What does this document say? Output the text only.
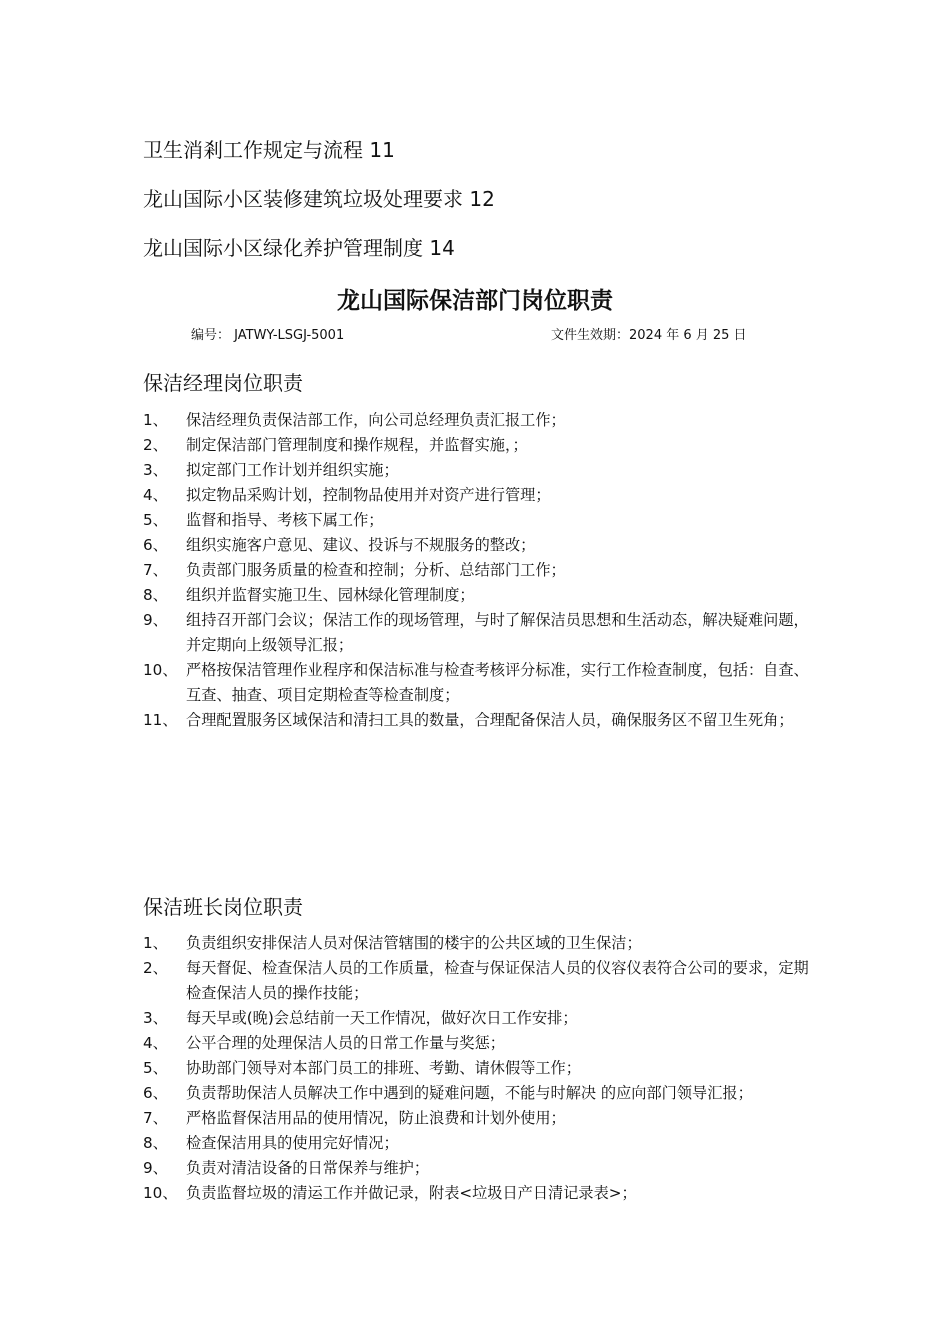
卫生消剎工作规定与流程 11
龙山国际小区装修建筑垃圾处理要求 12
龙山国际小区绿化养护管理制度 14
龙山国际保洁部门岗位职责
编号： JATWY-LSGJ-5001	文件生效期：2024 年 6 月 25 日
保洁经理岗位职责
1、 保洁经理负责保洁部工作，向公司总经理负责汇报工作；
2、 制定保洁部门管理制度和操作规程，并监督实施，；
3、 拟定部门工作计划并组织实施；
4、 拟定物品采购计划，控制物品使用并对资产进行管理；
5、 监督和指导、考核下属工作；
6、 组织实施客户意见、建议、投诉与不规服务的整改；
7、 负责部门服务质量的检查和控制；分析、总结部门工作；
8、 组织并监督实施卫生、园林绿化管理制度；
9、 组持召开部门会议；保洁工作的现场管理，与时了解保洁员思想和生活动态，解决疑难问题，并定期向上级领导汇报；
10、 严格按保洁管理作业程序和保洁标准与检查考核评分标准，实行工作检查制度，包括：自查、互查、抽查、项目定期检查等检查制度；
11、 合理配置服务区域保洁和清扫工具的数量，合理配备保洁人员，确保服务区不留卫生死角；
保洁班长岗位职责
1、 负责组织安排保洁人员对保洁管辖围的楼宇的公共区域的卫生保洁；
2、 每天督促、检查保洁人员的工作质量，检查与保证保洁人员的仪容仪表符合公司的要求，定期检查保洁人员的操作技能；
3、 每天早或(晚)会总结前一天工作情况，做好次日工作安排；
4、 公平合理的处理保洁人员的日常工作量与奖惩；
5、 协助部门领导对本部门员工的排班、考勤、请休假等工作；
6、 负责帮助保洁人员解决工作中遇到的疑难问题，不能与时解决 的应向部门领导汇报；
7、 严格监督保洁用品的使用情况，防止浪费和计划外使用；
8、 检查保洁用具的使用完好情况；
9、 负责对清洁设备的日常保养与维护；
10、 负责监督垃圾的清运工作并做记录，附表<垃圾日产日清记录表>；
